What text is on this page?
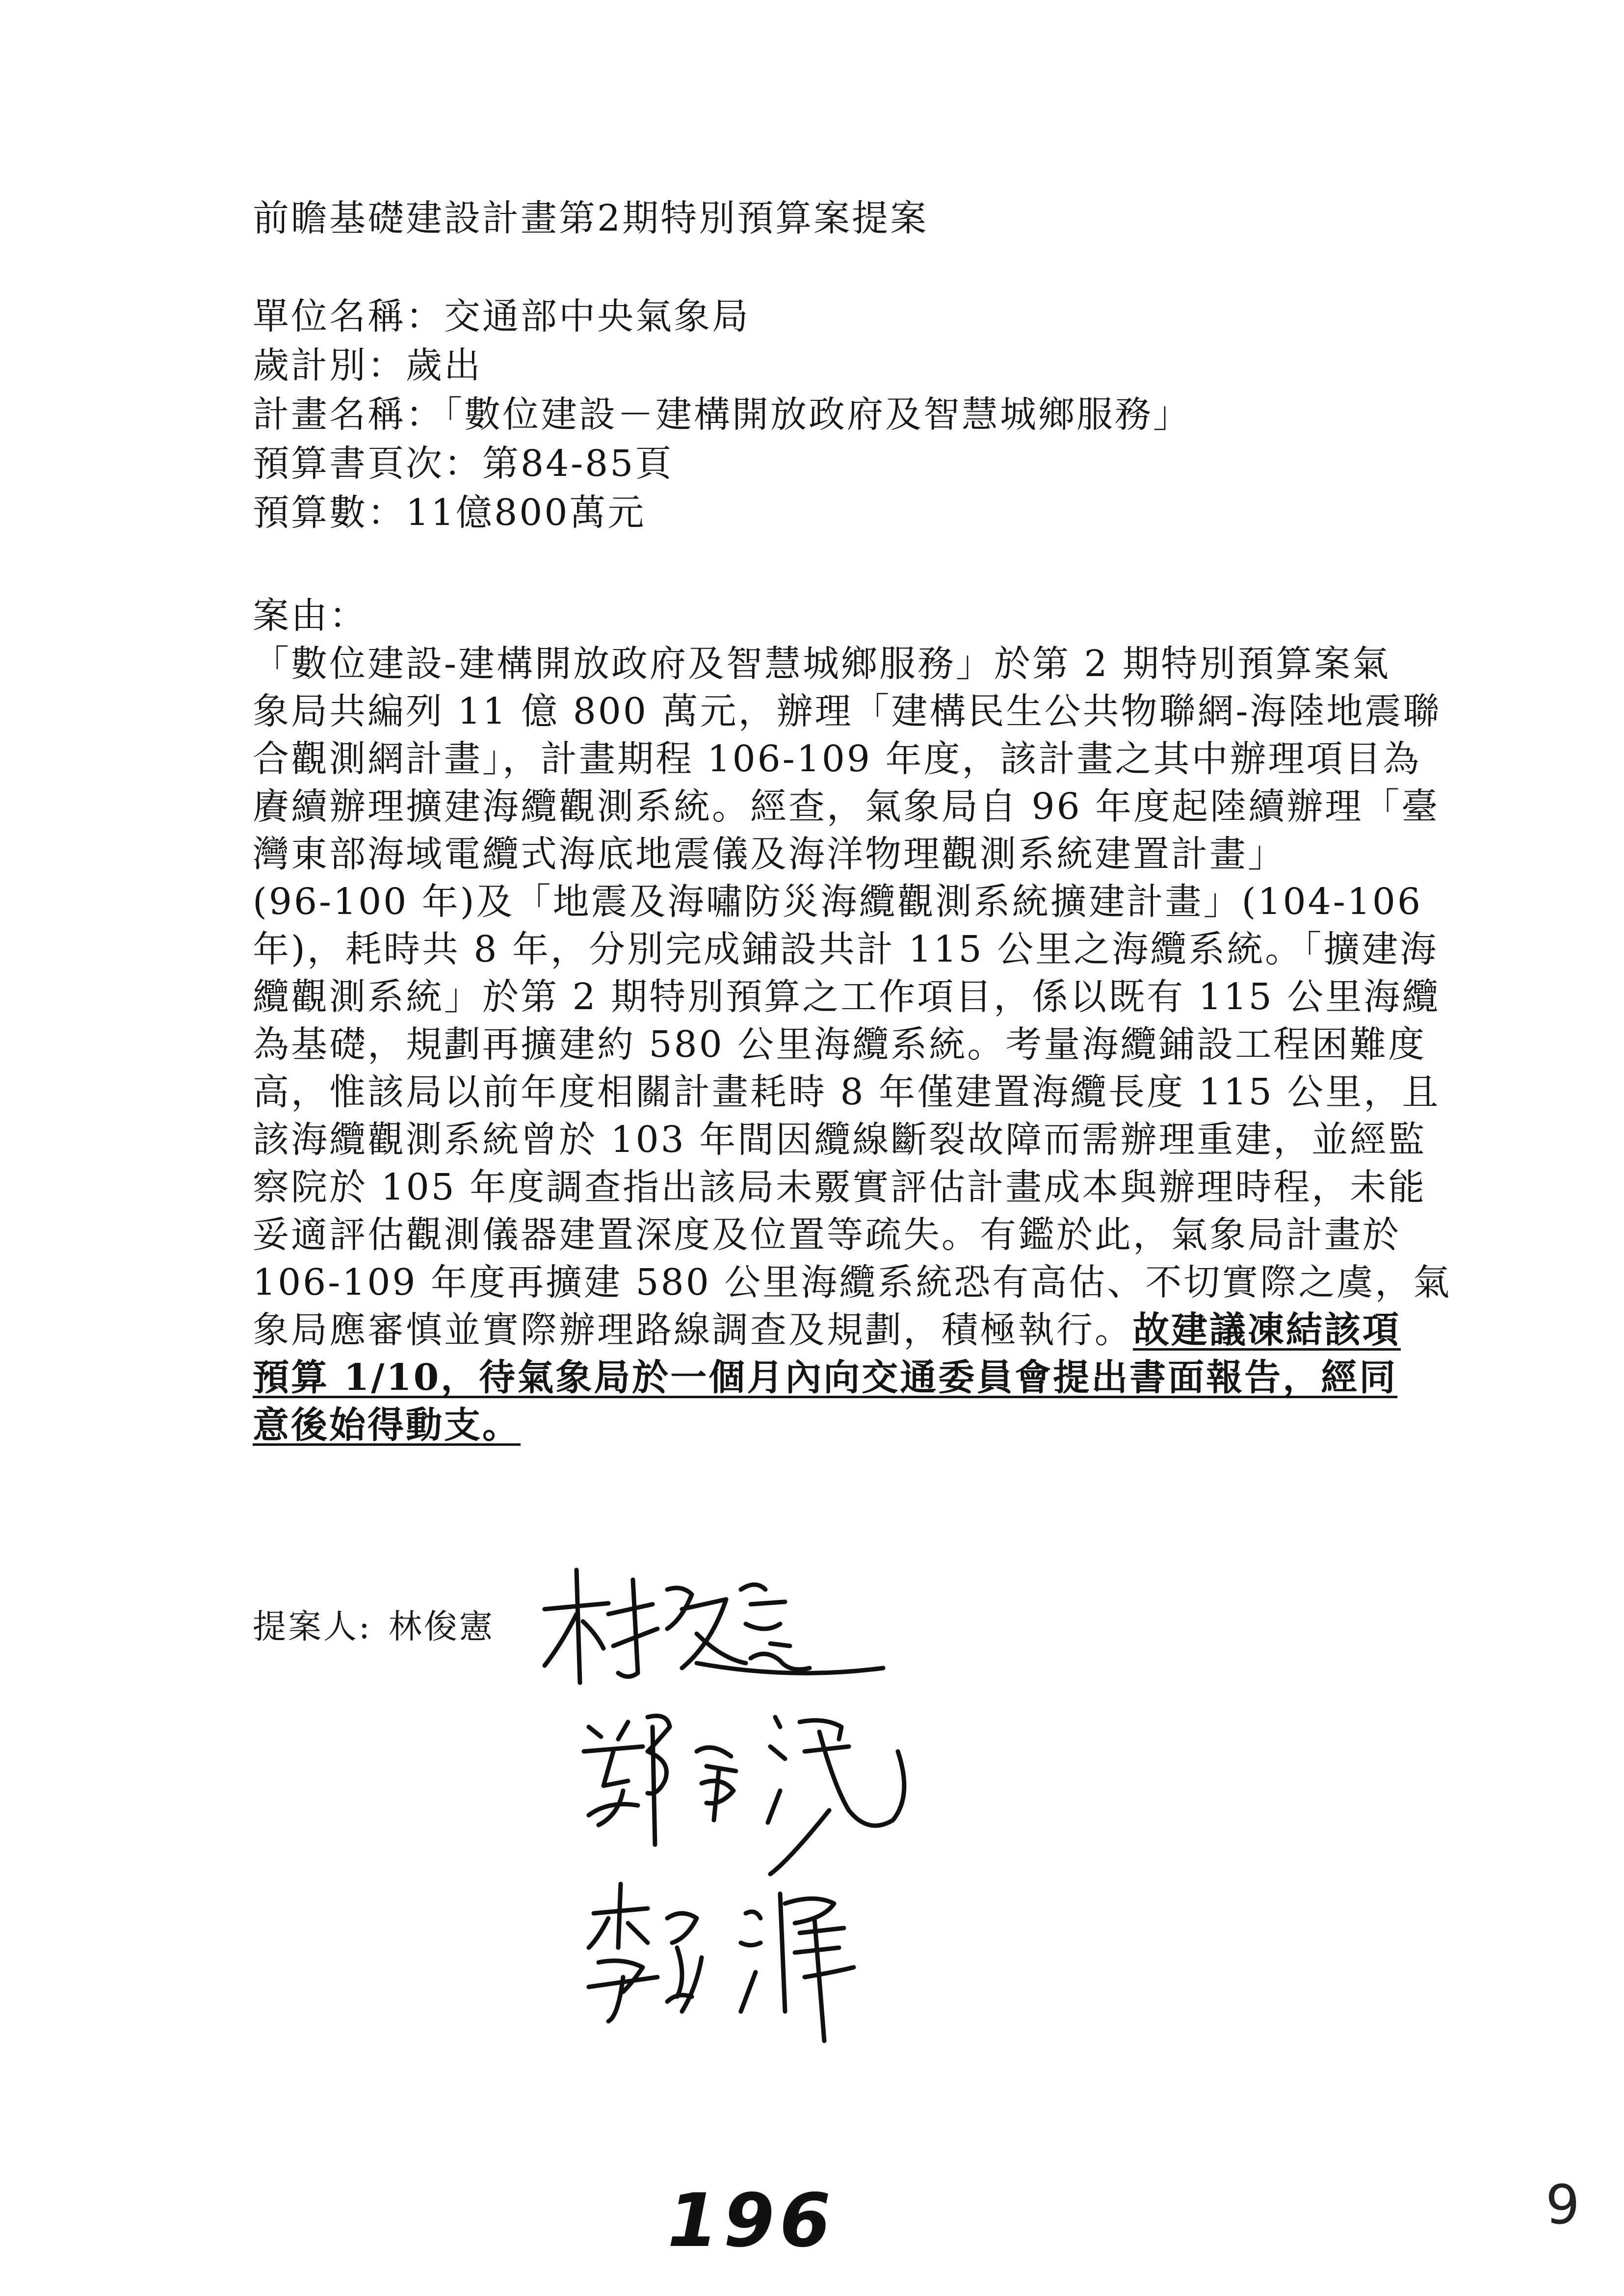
前瞻基礎建設計畫第2期特別預算案提案
單位名稱：交通部中央氣象局
歲計別：歲出
計畫名稱：「數位建設－建構開放政府及智慧城鄉服務」
預算書頁次：第84-85頁
預算數：11億800萬元
案由：
「數位建設-建構開放政府及智慧城鄉服務」於第 2 期特別預算案氣
象局共編列 11 億 800 萬元，辦理「建構民生公共物聯網-海陸地震聯
合觀測網計畫」，計畫期程 106-109 年度，該計畫之其中辦理項目為
賡續辦理擴建海纜觀測系統。經查，氣象局自 96 年度起陸續辦理「臺
灣東部海域電纜式海底地震儀及海洋物理觀測系統建置計畫」
(96-100 年)及「地震及海嘯防災海纜觀測系統擴建計畫」(104-106
年)，耗時共 8 年，分別完成鋪設共計 115 公里之海纜系統。「擴建海
纜觀測系統」於第 2 期特別預算之工作項目，係以既有 115 公里海纜
為基礎，規劃再擴建約 580 公里海纜系統。考量海纜鋪設工程困難度
高，惟該局以前年度相關計畫耗時 8 年僅建置海纜長度 115 公里，且
該海纜觀測系統曾於 103 年間因纜線斷裂故障而需辦理重建，並經監
察院於 105 年度調查指出該局未覈實評估計畫成本與辦理時程，未能
妥適評估觀測儀器建置深度及位置等疏失。有鑑於此，氣象局計畫於
106-109 年度再擴建 580 公里海纜系統恐有高估、不切實際之虞，氣
象局應審慎並實際辦理路線調查及規劃，積極執行。故建議凍結該項
預算 1/10，待氣象局於一個月內向交通委員會提出書面報告，經同
意後始得動支。
提案人: 林俊憲
196	9
